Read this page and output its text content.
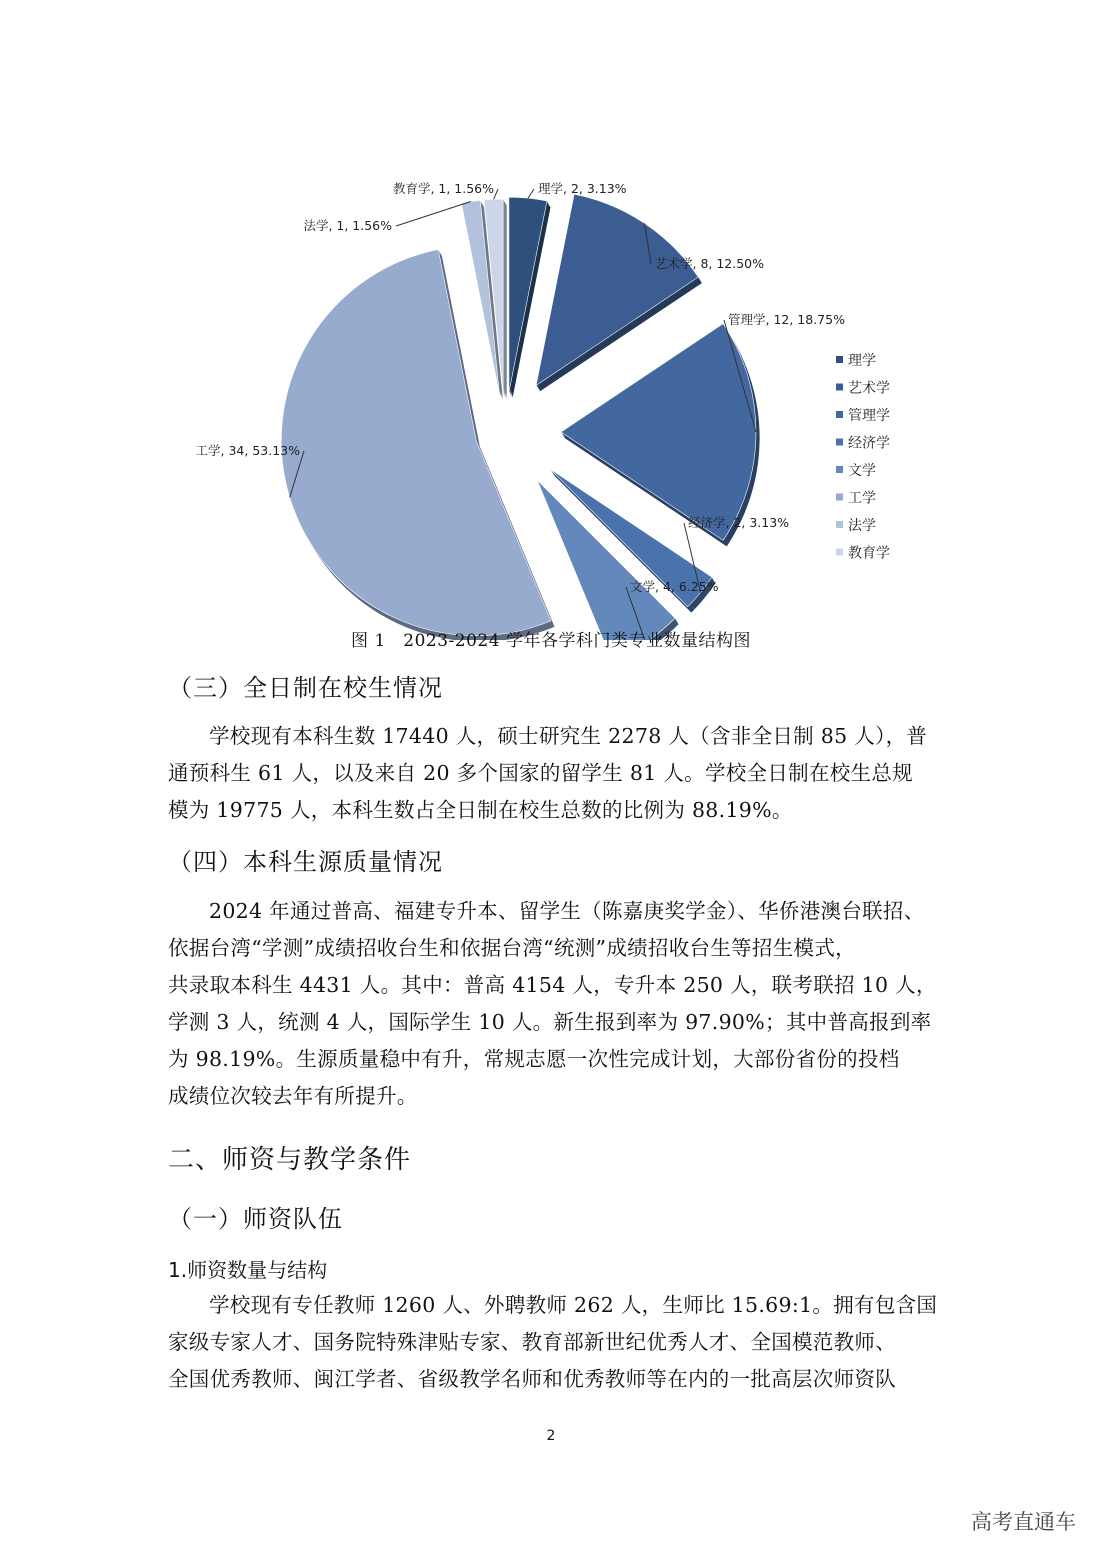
理学, 2, 3.13%
艺术学, 8, 12.50%
管理学, 12, 18.75%
经济学, 2, 3.13%
文学, 4, 6.25%
工学, 34, 53.13%
法学, 1, 1.56%
教育学, 1, 1.56%
理学
艺术学
管理学
经济学
文学
工学
法学
教育学
图 1　2023-2024 学年各学科门类专业数量结构图
（三）全日制在校生情况
学校现有本科生数 17440 人，硕士研究生 2278 人（含非全日制 85 人），普
通预科生 61 人，以及来自 20 多个国家的留学生 81 人。学校全日制在校生总规
模为 19775 人，本科生数占全日制在校生总数的比例为 88.19%。
（四）本科生源质量情况
2024 年通过普高、福建专升本、留学生（陈嘉庚奖学金）、华侨港澳台联招、
依据台湾“学测”成绩招收台生和依据台湾“统测”成绩招收台生等招生模式，
共录取本科生 4431 人。其中：普高 4154 人，专升本 250 人，联考联招 10 人，
学测 3 人，统测 4 人，国际学生 10 人。新生报到率为 97.90%；其中普高报到率
为 98.19%。生源质量稳中有升，常规志愿一次性完成计划，大部份省份的投档
成绩位次较去年有所提升。
二、师资与教学条件
（一）师资队伍
1.师资数量与结构
学校现有专任教师 1260 人、外聘教师 262 人，生师比 15.69:1。拥有包含国
家级专家人才、国务院特殊津贴专家、教育部新世纪优秀人才、全国模范教师、
全国优秀教师、闽江学者、省级教学名师和优秀教师等在内的一批高层次师资队
2
高考直通车
